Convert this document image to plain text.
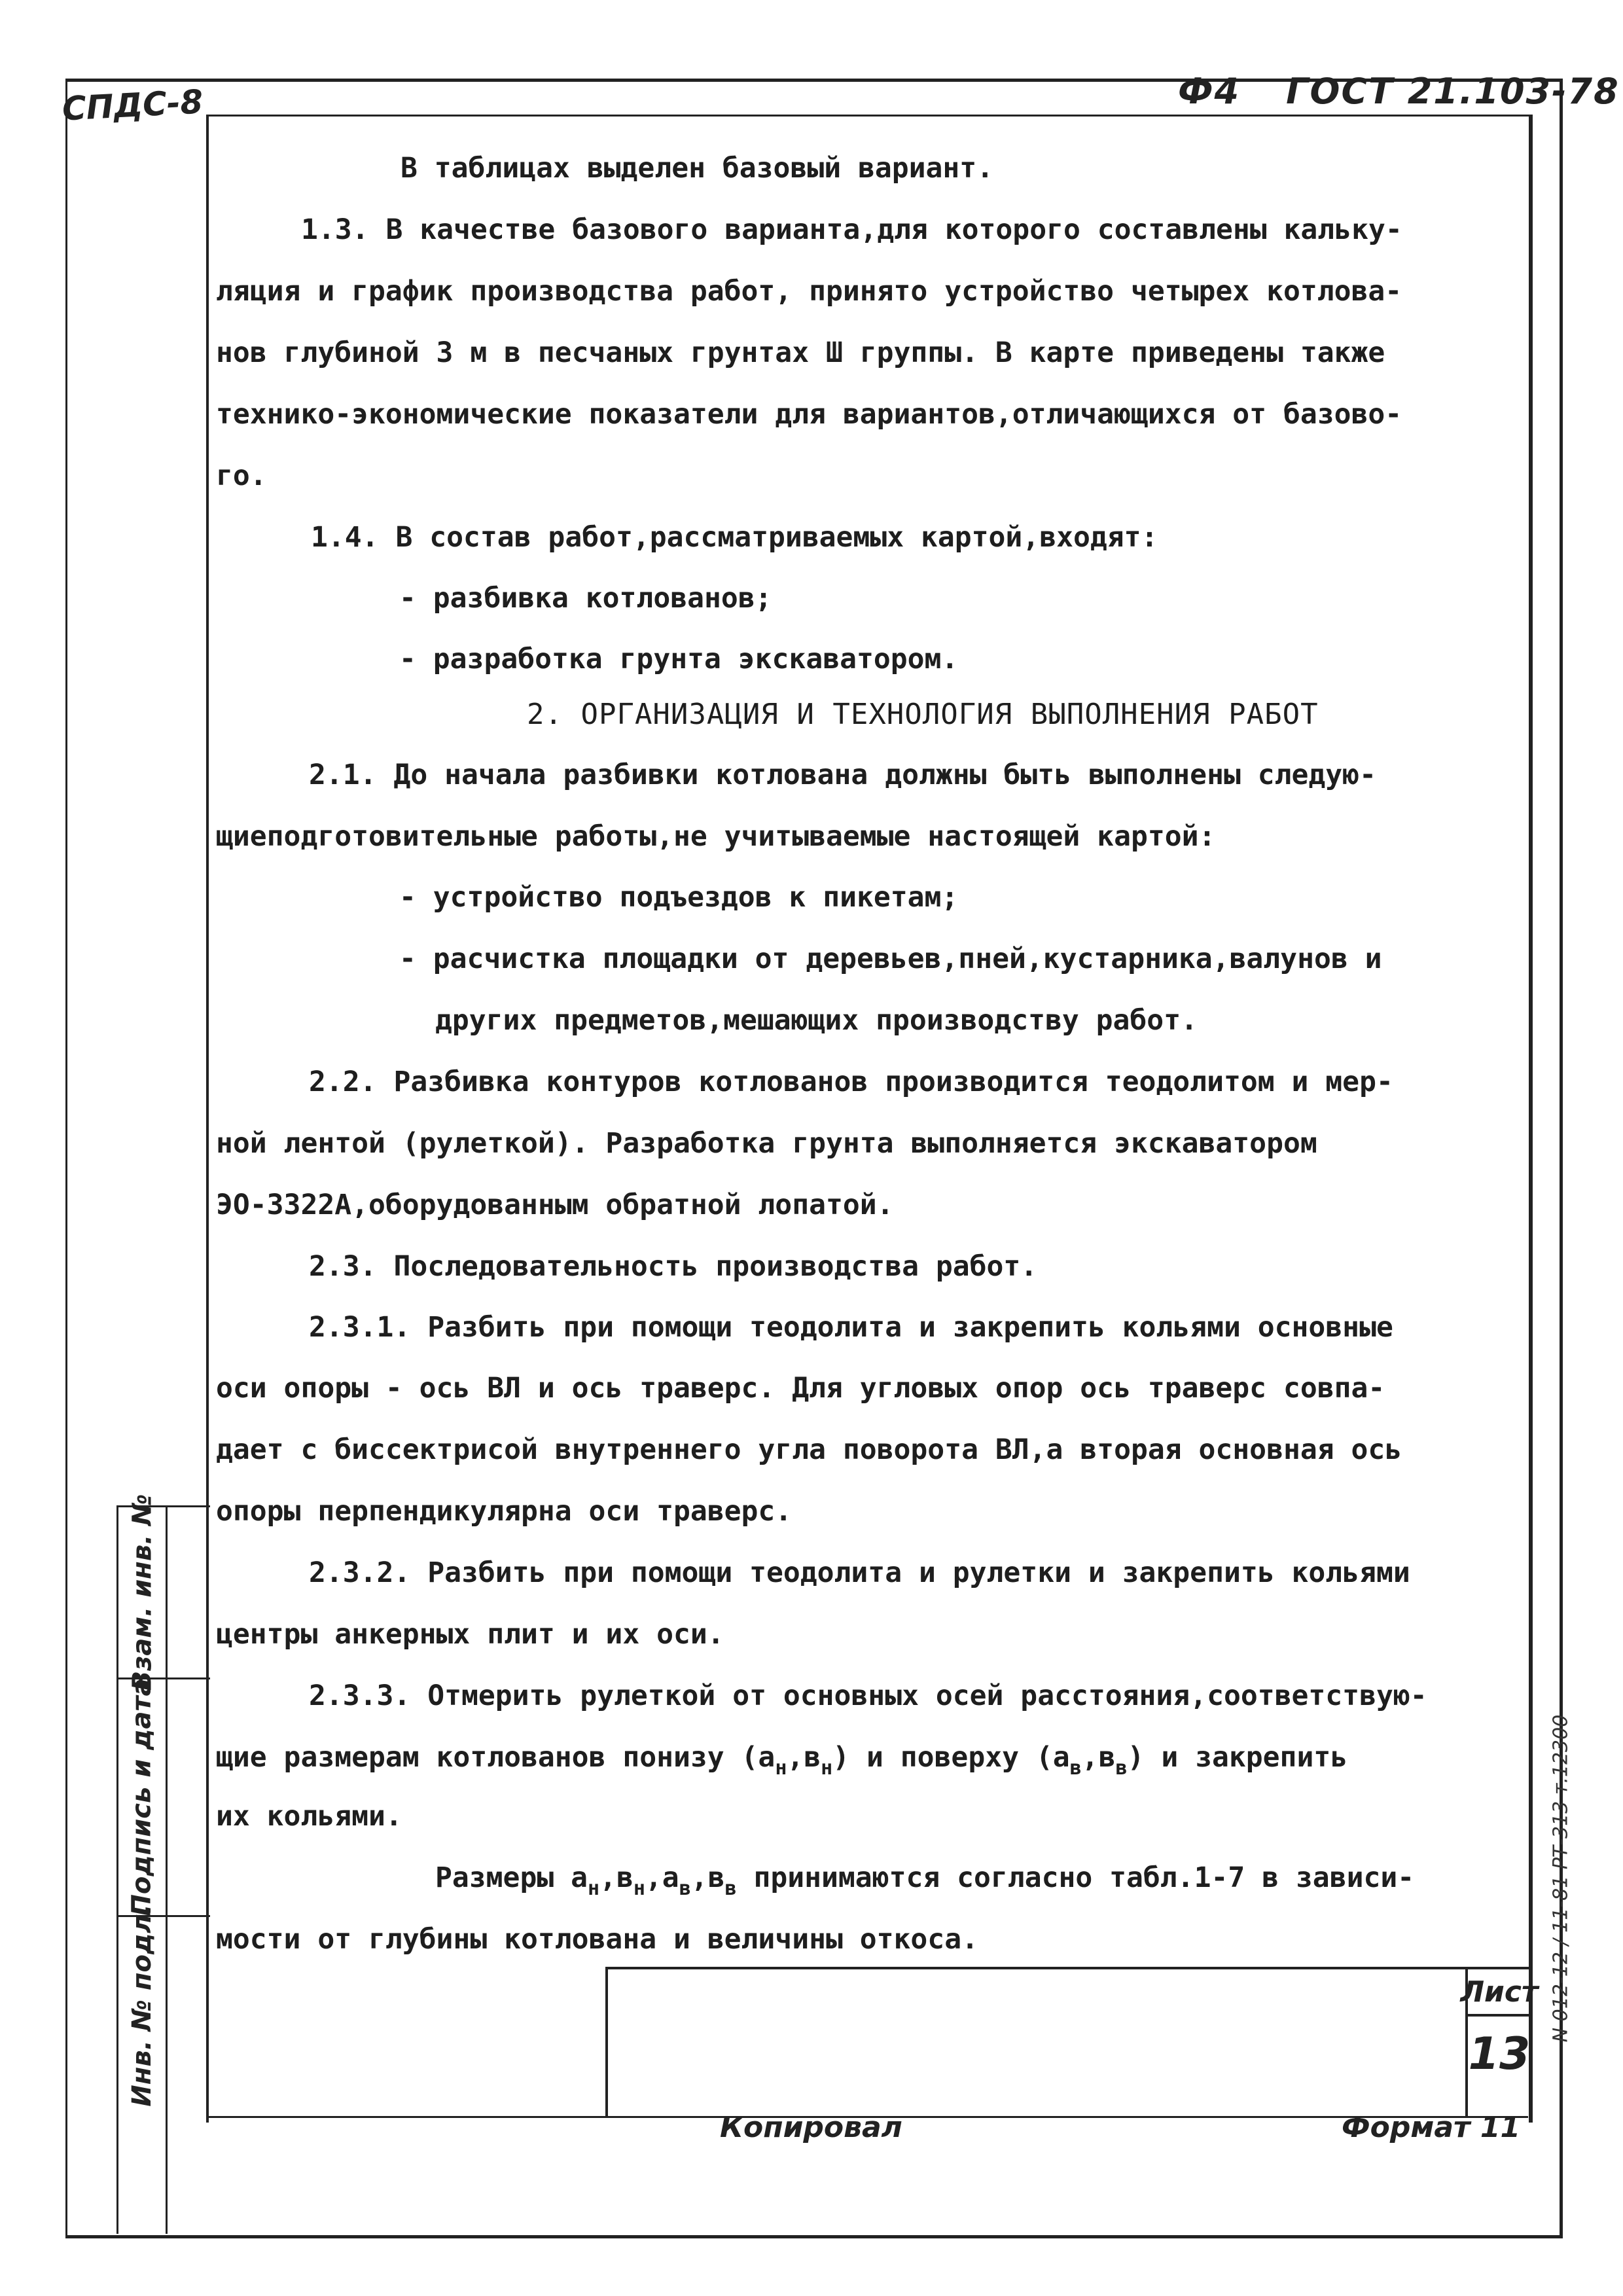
СПДС-8	Ф4 ГОСТ 21.103-78
В таблицах выделен базовый вариант.
1.3. В качестве базового варианта,для которого составлены кальку-
ляция и график производства работ, принято устройство четырех котлова-
нов глубиной 3 м в песчаных грунтах Ш группы. В карте приведены также
технико-экономические показатели для вариантов,отличающихся от базово-
го.
1.4. В состав работ,рассматриваемых картой,входят:
- разбивка котлованов;
- разработка грунта экскаватором.
2. ОРГАНИЗАЦИЯ И ТЕХНОЛОГИЯ ВЫПОЛНЕНИЯ РАБОТ
2.1. До начала разбивки котлована должны быть выполнены следую-
щиеподготовительные работы,не учитываемые настоящей картой:
- устройство подъездов к пикетам;
- расчистка площадки от деревьев,пней,кустарника,валунов и
других предметов,мешающих производству работ.
2.2. Разбивка контуров котлованов производится теодолитом и мер-
ной лентой (рулеткой). Разработка грунта выполняется экскаватором
ЭО-3322А,оборудованным обратной лопатой.
2.3. Последовательность производства работ.
2.3.1. Разбить при помощи теодолита и закрепить кольями основные
оси опоры - ось ВЛ и ось траверс. Для угловых опор ось траверс совпа-
дает с биссектрисой внутреннего угла поворота ВЛ,а вторая основная ось
опоры перпендикулярна оси траверс.
2.3.2. Разбить при помощи теодолита и рулетки и закрепить кольями
центры анкерных плит и их оси.
2.3.3. Отмерить рулеткой от основных осей расстояния,соответствую-
щие размерам котлованов понизу $(а_н,в_н)$ и поверху $(а_в,в_в)$ и закрепить
их кольями.
Размеры $а_н,в_н,а_в,в_в$ принимаются согласно табл.1-7 в зависи-
мости от глубины котлована и величины откоса.
Взам. инв. №
Подпись и дата
Инв. № подл.	Лист
13
Копировал	Формат 11
N 012-12 / 11-81 РТ-313 т.12300
